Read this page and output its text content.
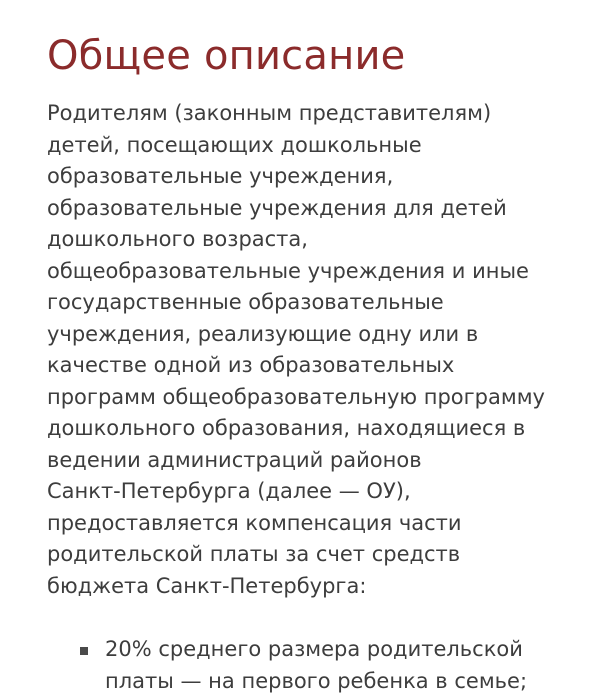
Общее описание
Родителям (законным представителям)
детей, посещающих дошкольные
образовательные учреждения,
образовательные учреждения для детей
дошкольного возраста,
общеобразовательные учреждения и иные
государственные образовательные
учреждения, реализующие одну или в
качестве одной из образовательных
программ общеобразовательную программу
дошкольного образования, находящиеся в
ведении администраций районов
Санкт-Петербурга (далее — ОУ),
предоставляется компенсация части
родительской платы за счет средств
бюджета Санкт-Петербурга:
20% среднего размера родительской
платы — на первого ребенка в семье;
